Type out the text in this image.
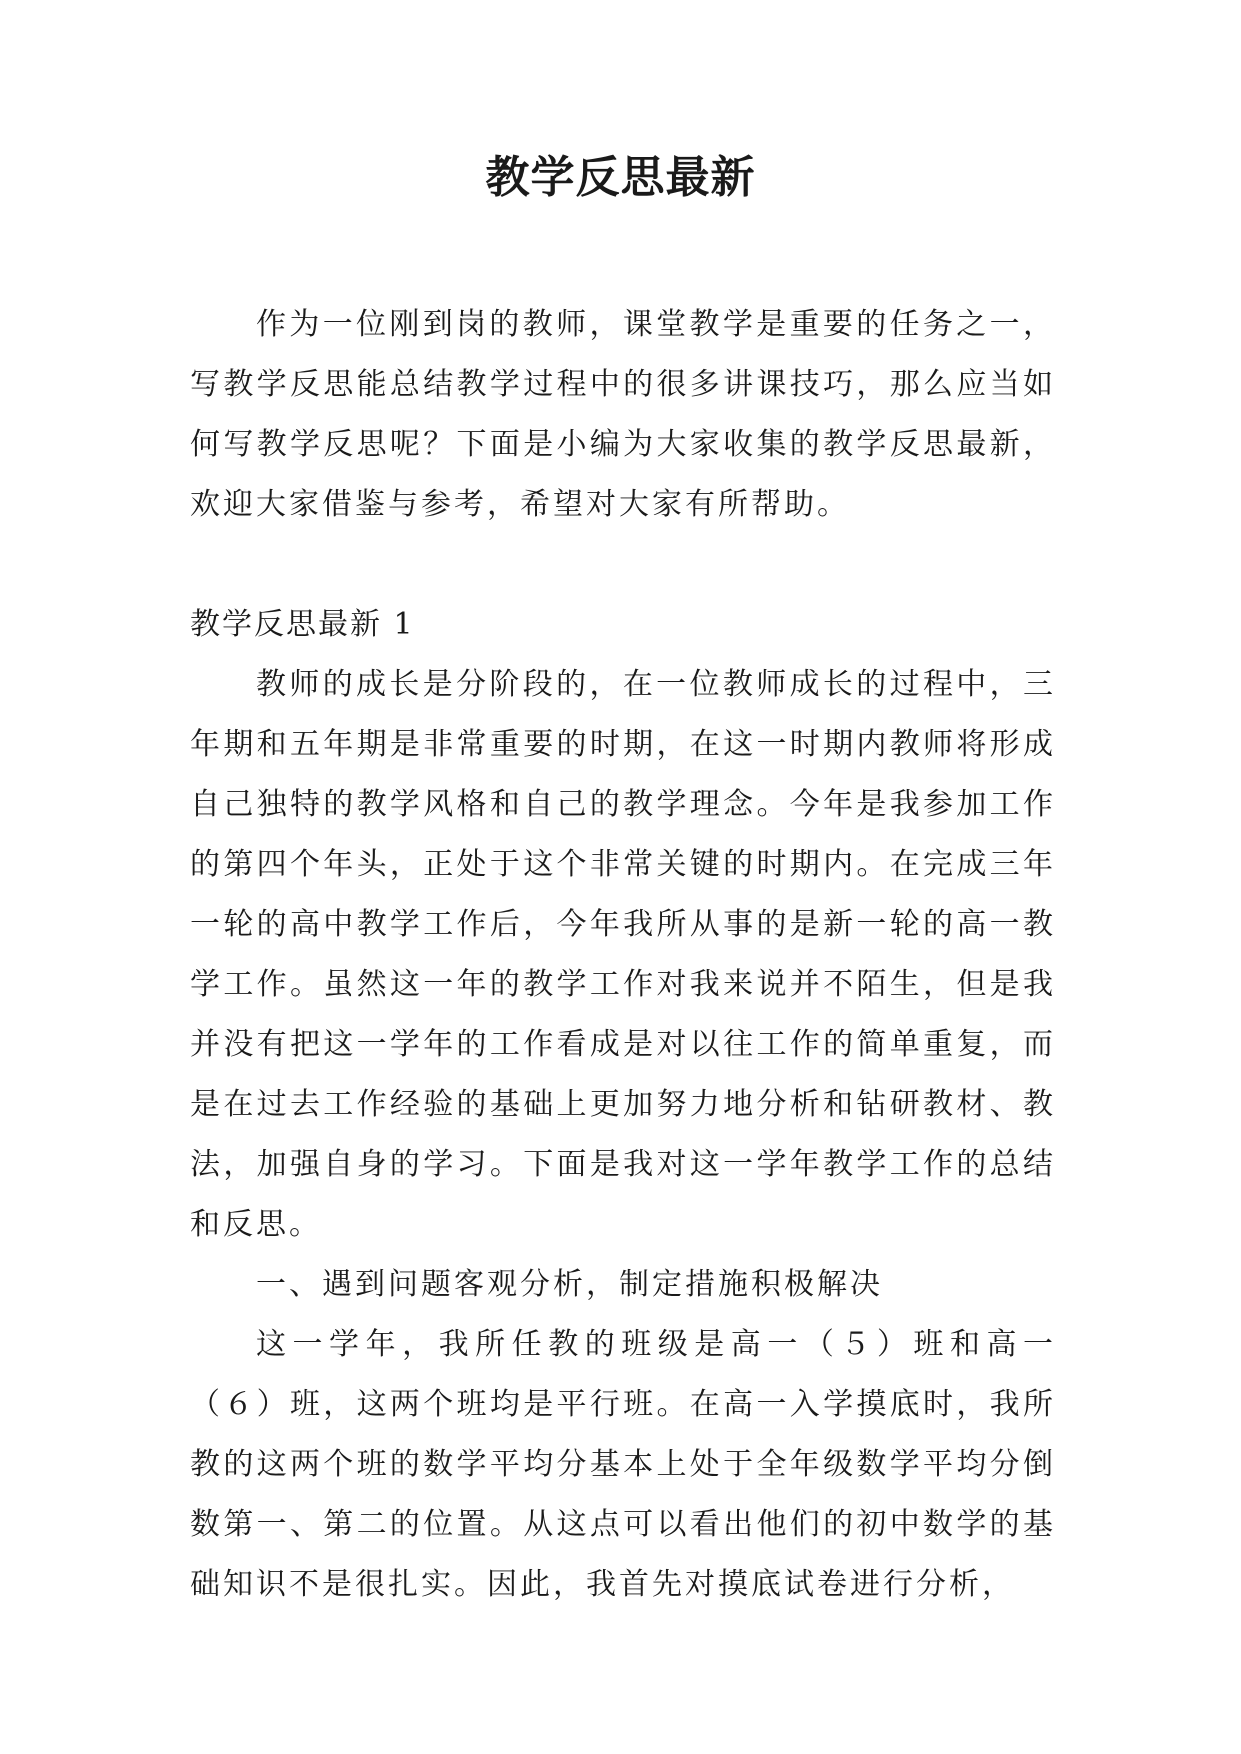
教学反思最新

作为一位刚到岗的教师，课堂教学是重要的任务之一，写教学反思能总结教学过程中的很多讲课技巧，那么应当如何写教学反思呢？下面是小编为大家收集的教学反思最新，欢迎大家借鉴与参考，希望对大家有所帮助。

教学反思最新 1

教师的成长是分阶段的，在一位教师成长的过程中，三年期和五年期是非常重要的时期，在这一时期内教师将形成自己独特的教学风格和自己的教学理念。今年是我参加工作的第四个年头，正处于这个非常关键的时期内。在完成三年一轮的高中教学工作后，今年我所从事的是新一轮的高一教学工作。虽然这一年的教学工作对我来说并不陌生，但是我并没有把这一学年的工作看成是对以往工作的简单重复，而是在过去工作经验的基础上更加努力地分析和钻研教材、教法，加强自身的学习。下面是我对这一学年教学工作的总结和反思。

一、遇到问题客观分析，制定措施积极解决

这一学年，我所任教的班级是高一（５）班和高一（６）班，这两个班均是平行班。在高一入学摸底时，我所教的这两个班的数学平均分基本上处于全年级数学平均分倒数第一、第二的位置。从这点可以看出他们的初中数学的基础知识不是很扎实。因此，我首先对摸底试卷进行分析，
